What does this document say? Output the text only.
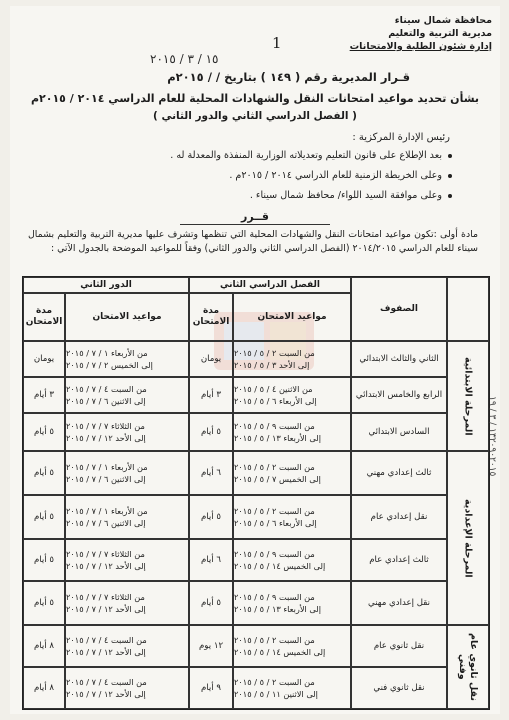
محافظة شمال سيناء
مديرية التربية والتعليم
إدارة شئون الطلبة والامتحانات
1
١٥ / ٣ / ٢٠١٥
قـرار المديرية رقم ( ١٤٩ ) بتاريخ / / ٢٠١٥م
بشأن تحديد مواعيد امتحانات النقل والشهادات المحلية للعام الدراسي ٢٠١٤ / ٢٠١٥م
( الفصل الدراسي الثاني والدور الثاني )
رئيس الإدارة المركزية :
بعد الإطلاع على قانون التعليم وتعديلاته الوزارية المنفذة والمعدلة له .
وعلى الخريطة الزمنية للعام الدراسي ٢٠١٤ / ٢٠١٥م .
وعلى موافقة السيد اللواء/ محافظ شمال سيناء .
قــرر
مادة أولى :تكون مواعيد امتحانات النقل والشهادات المحلية التي تنظمها وتشرف عليها مديرية التربية والتعليم بشمال سيناء للعام الدراسي ٢٠١٤/٢٠١٥ (الفصل الدراسي الثاني والدور الثاني) وفقاً للمواعيد الموضحة بالجدول الآتي :
الصفوف
الفصل الدراسي الثاني
الدور الثاني
مواعيد الامتحان
مدة الامتحان
مواعيد الامتحان
مدة الامتحان
المرحلة الابتدائية
المرحلة الإعدادية
نقل ثانوي عام وفني
الثاني والثالث الابتدائي
من السبت ٢ / ٥ / ٢٠١٥
إلى الأحد ٣ / ٥ / ٢٠١٥
يومان
من الأربعاء ١ / ٧ / ٢٠١٥
إلى الخميس ٢ / ٧ / ٢٠١٥
يومان
الرابع والخامس الابتدائي
من الاثنين ٤ / ٥ / ٢٠١٥
إلى الأربعاء ٦ / ٥ / ٢٠١٥
٣ أيام
من السبت ٤ / ٧ / ٢٠١٥
إلى الاثنين ٦ / ٧ / ٢٠١٥
٣ أيام
السادس الابتدائي
من السبت ٩ / ٥ / ٢٠١٥
إلى الأربعاء ١٣ / ٥ / ٢٠١٥
٥ أيام
من الثلاثاء ٧ / ٧ / ٢٠١٥
إلى الأحد ١٢ / ٧ / ٢٠١٥
٥ أيام
ثالث إعدادي مهني
من السبت ٢ / ٥ / ٢٠١٥
إلى الخميس ٧ / ٥ / ٢٠١٥
٦ أيام
من الأربعاء ١ / ٧ / ٢٠١٥
إلى الاثنين ٦ / ٧ / ٢٠١٥
٥ أيام
نقل إعدادي عام
من السبت ٢ / ٥ / ٢٠١٥
إلى الأربعاء ٦ / ٥ / ٢٠١٥
٥ أيام
من الأربعاء ١ / ٧ / ٢٠١٥
إلى الاثنين ٦ / ٧ / ٢٠١٥
٥ أيام
ثالث إعدادي عام
من السبت ٩ / ٥ / ٢٠١٥
إلى الخميس ١٤ / ٥ / ٢٠١٥
٦ أيام
من الثلاثاء ٧ / ٧ / ٢٠١٥
إلى الأحد ١٢ / ٧ / ٢٠١٥
٥ أيام
نقل إعدادي مهني
من السبت ٩ / ٥ / ٢٠١٥
إلى الأربعاء ١٣ / ٥ / ٢٠١٥
٥ أيام
من الثلاثاء ٧ / ٧ / ٢٠١٥
إلى الأحد ١٢ / ٧ / ٢٠١٥
٥ أيام
نقل ثانوي عام
من السبت ٢ / ٥ / ٢٠١٥
إلى الخميس ١٤ / ٥ / ٢٠١٥
١٢ يوم
من السبت ٤ / ٧ / ٢٠١٥
إلى الأحد ١٢ / ٧ / ٢٠١٥
٨ أيام
نقل ثانوي فني
من السبت ٢ / ٥ / ٢٠١٥
إلى الاثنين ١١ / ٥ / ٢٠١٥
٩ أيام
من السبت ٤ / ٧ / ٢٠١٥
إلى الأحد ١٢ / ٧ / ٢٠١٥
٨ أيام
١٣٢٠٩٠٢٠١٥ / ٣ / ١٩
